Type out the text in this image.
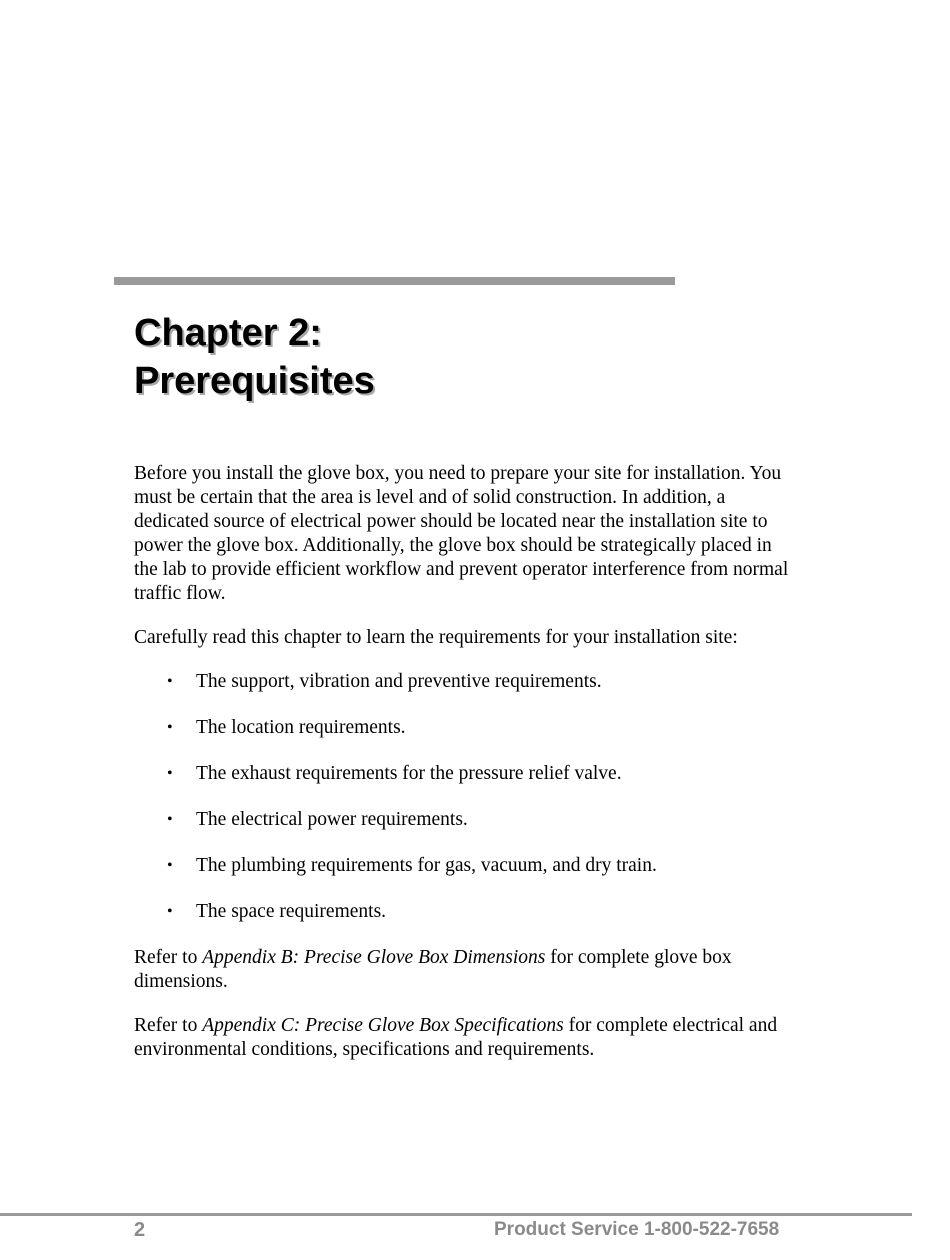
Chapter 2:
Prerequisites

Before you install the glove box, you need to prepare your site for installation. You must be certain that the area is level and of solid construction. In addition, a dedicated source of electrical power should be located near the installation site to power the glove box. Additionally, the glove box should be strategically placed in the lab to provide efficient workflow and prevent operator interference from normal traffic flow.

Carefully read this chapter to learn the requirements for your installation site:

• The support, vibration and preventive requirements.
• The location requirements.
• The exhaust requirements for the pressure relief valve.
• The electrical power requirements.
• The plumbing requirements for gas, vacuum, and dry train.
• The space requirements.

Refer to Appendix B: Precise Glove Box Dimensions for complete glove box dimensions.

Refer to Appendix C: Precise Glove Box Specifications for complete electrical and environmental conditions, specifications and requirements.

2	Product Service 1-800-522-7658
